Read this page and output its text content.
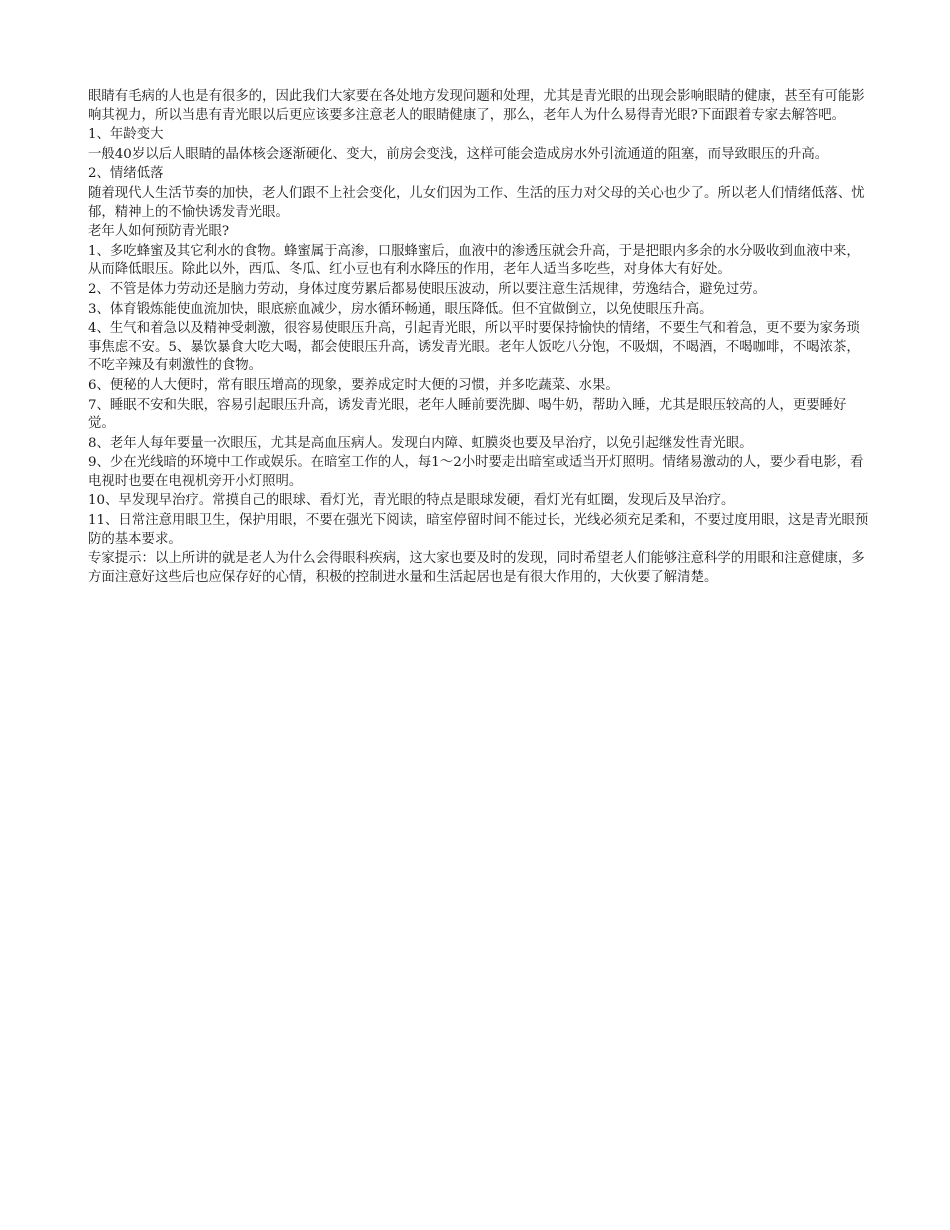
眼睛有毛病的人也是有很多的，因此我们大家要在各处地方发现问题和处理，尤其是青光眼的出现会影响眼睛的健康，甚至有可能影响其视力，所以当患有青光眼以后更应该要多注意老人的眼睛健康了，那么，老年人为什么易得青光眼?下面跟着专家去解答吧。

1、年龄变大

一般40岁以后人眼睛的晶体核会逐渐硬化、变大，前房会变浅，这样可能会造成房水外引流通道的阻塞，而导致眼压的升高。

2、情绪低落

随着现代人生活节奏的加快，老人们跟不上社会变化，儿女们因为工作、生活的压力对父母的关心也少了。所以老人们情绪低落、忧郁，精神上的不愉快诱发青光眼。

老年人如何预防青光眼?

1、多吃蜂蜜及其它利水的食物。蜂蜜属于高渗，口服蜂蜜后，血液中的渗透压就会升高，于是把眼内多余的水分吸收到血液中来，从而降低眼压。除此以外，西瓜、冬瓜、红小豆也有利水降压的作用，老年人适当多吃些，对身体大有好处。

2、不管是体力劳动还是脑力劳动，身体过度劳累后都易使眼压波动，所以要注意生活规律，劳逸结合，避免过劳。

3、体育锻炼能使血流加快，眼底瘀血减少，房水循环畅通，眼压降低。但不宜做倒立，以免使眼压升高。

4、生气和着急以及精神受刺激，很容易使眼压升高，引起青光眼，所以平时要保持愉快的情绪，不要生气和着急，更不要为家务琐事焦虑不安。5、暴饮暴食大吃大喝，都会使眼压升高，诱发青光眼。老年人饭吃八分饱，不吸烟，不喝酒，不喝咖啡，不喝浓茶，不吃辛辣及有刺激性的食物。

6、便秘的人大便时，常有眼压增高的现象，要养成定时大便的习惯，并多吃蔬菜、水果。

7、睡眠不安和失眠，容易引起眼压升高，诱发青光眼，老年人睡前要洗脚、喝牛奶，帮助入睡，尤其是眼压较高的人，更要睡好觉。

8、老年人每年要量一次眼压，尤其是高血压病人。发现白内障、虹膜炎也要及早治疗，以免引起继发性青光眼。

9、少在光线暗的环境中工作或娱乐。在暗室工作的人，每1～2小时要走出暗室或适当开灯照明。情绪易激动的人，要少看电影，看电视时也要在电视机旁开小灯照明。

10、早发现早治疗。常摸自己的眼球、看灯光，青光眼的特点是眼球发硬，看灯光有虹圈，发现后及早治疗。

11、日常注意用眼卫生，保护用眼，不要在强光下阅读，暗室停留时间不能过长，光线必须充足柔和，不要过度用眼，这是青光眼预防的基本要求。

专家提示：以上所讲的就是老人为什么会得眼科疾病，这大家也要及时的发现，同时希望老人们能够注意科学的用眼和注意健康，多方面注意好这些后也应保存好的心情，积极的控制进水量和生活起居也是有很大作用的，大伙要了解清楚。
